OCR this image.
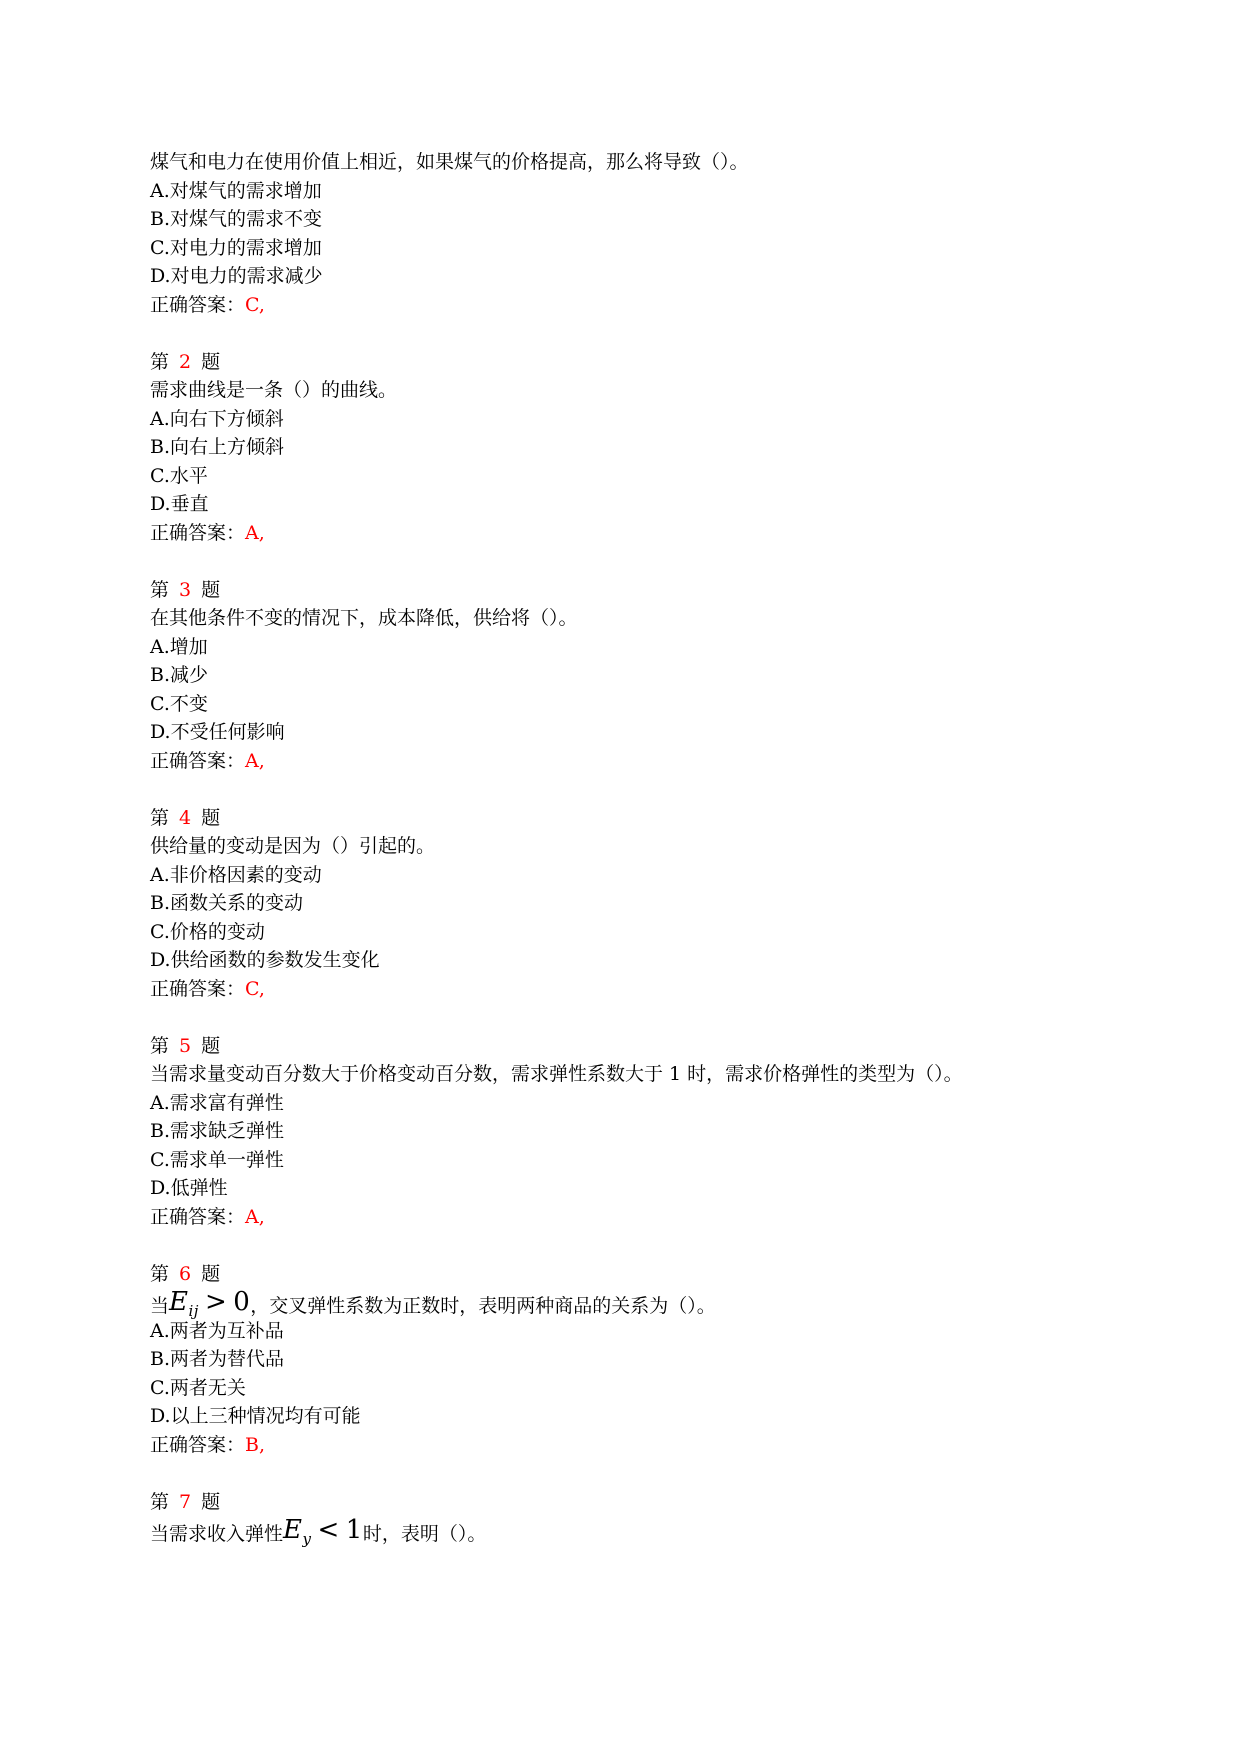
煤气和电力在使用价值上相近，如果煤气的价格提高，那么将导致（）。
A.对煤气的需求增加
B.对煤气的需求不变
C.对电力的需求增加
D.对电力的需求减少
正确答案：C,
第 2 题
需求曲线是一条（）的曲线。
A.向右下方倾斜
B.向右上方倾斜
C.水平
D.垂直
正确答案：A,
第 3 题
在其他条件不变的情况下，成本降低，供给将（）。
A.增加
B.减少
C.不变
D.不受任何影响
正确答案：A,
第 4 题
供给量的变动是因为（）引起的。
A.非价格因素的变动
B.函数关系的变动
C.价格的变动
D.供给函数的参数发生变化
正确答案：C,
第 5 题
当需求量变动百分数大于价格变动百分数，需求弹性系数大于 1 时，需求价格弹性的类型为（）。
A.需求富有弹性
B.需求缺乏弹性
C.需求单一弹性
D.低弹性
正确答案：A,
第 6 题
当$E_{ij} > 0$，交叉弹性系数为正数时，表明两种商品的关系为（）。
A.两者为互补品
B.两者为替代品
C.两者无关
D.以上三种情况均有可能
正确答案：B,
第 7 题
当需求收入弹性$E_y < 1$时，表明（）。
